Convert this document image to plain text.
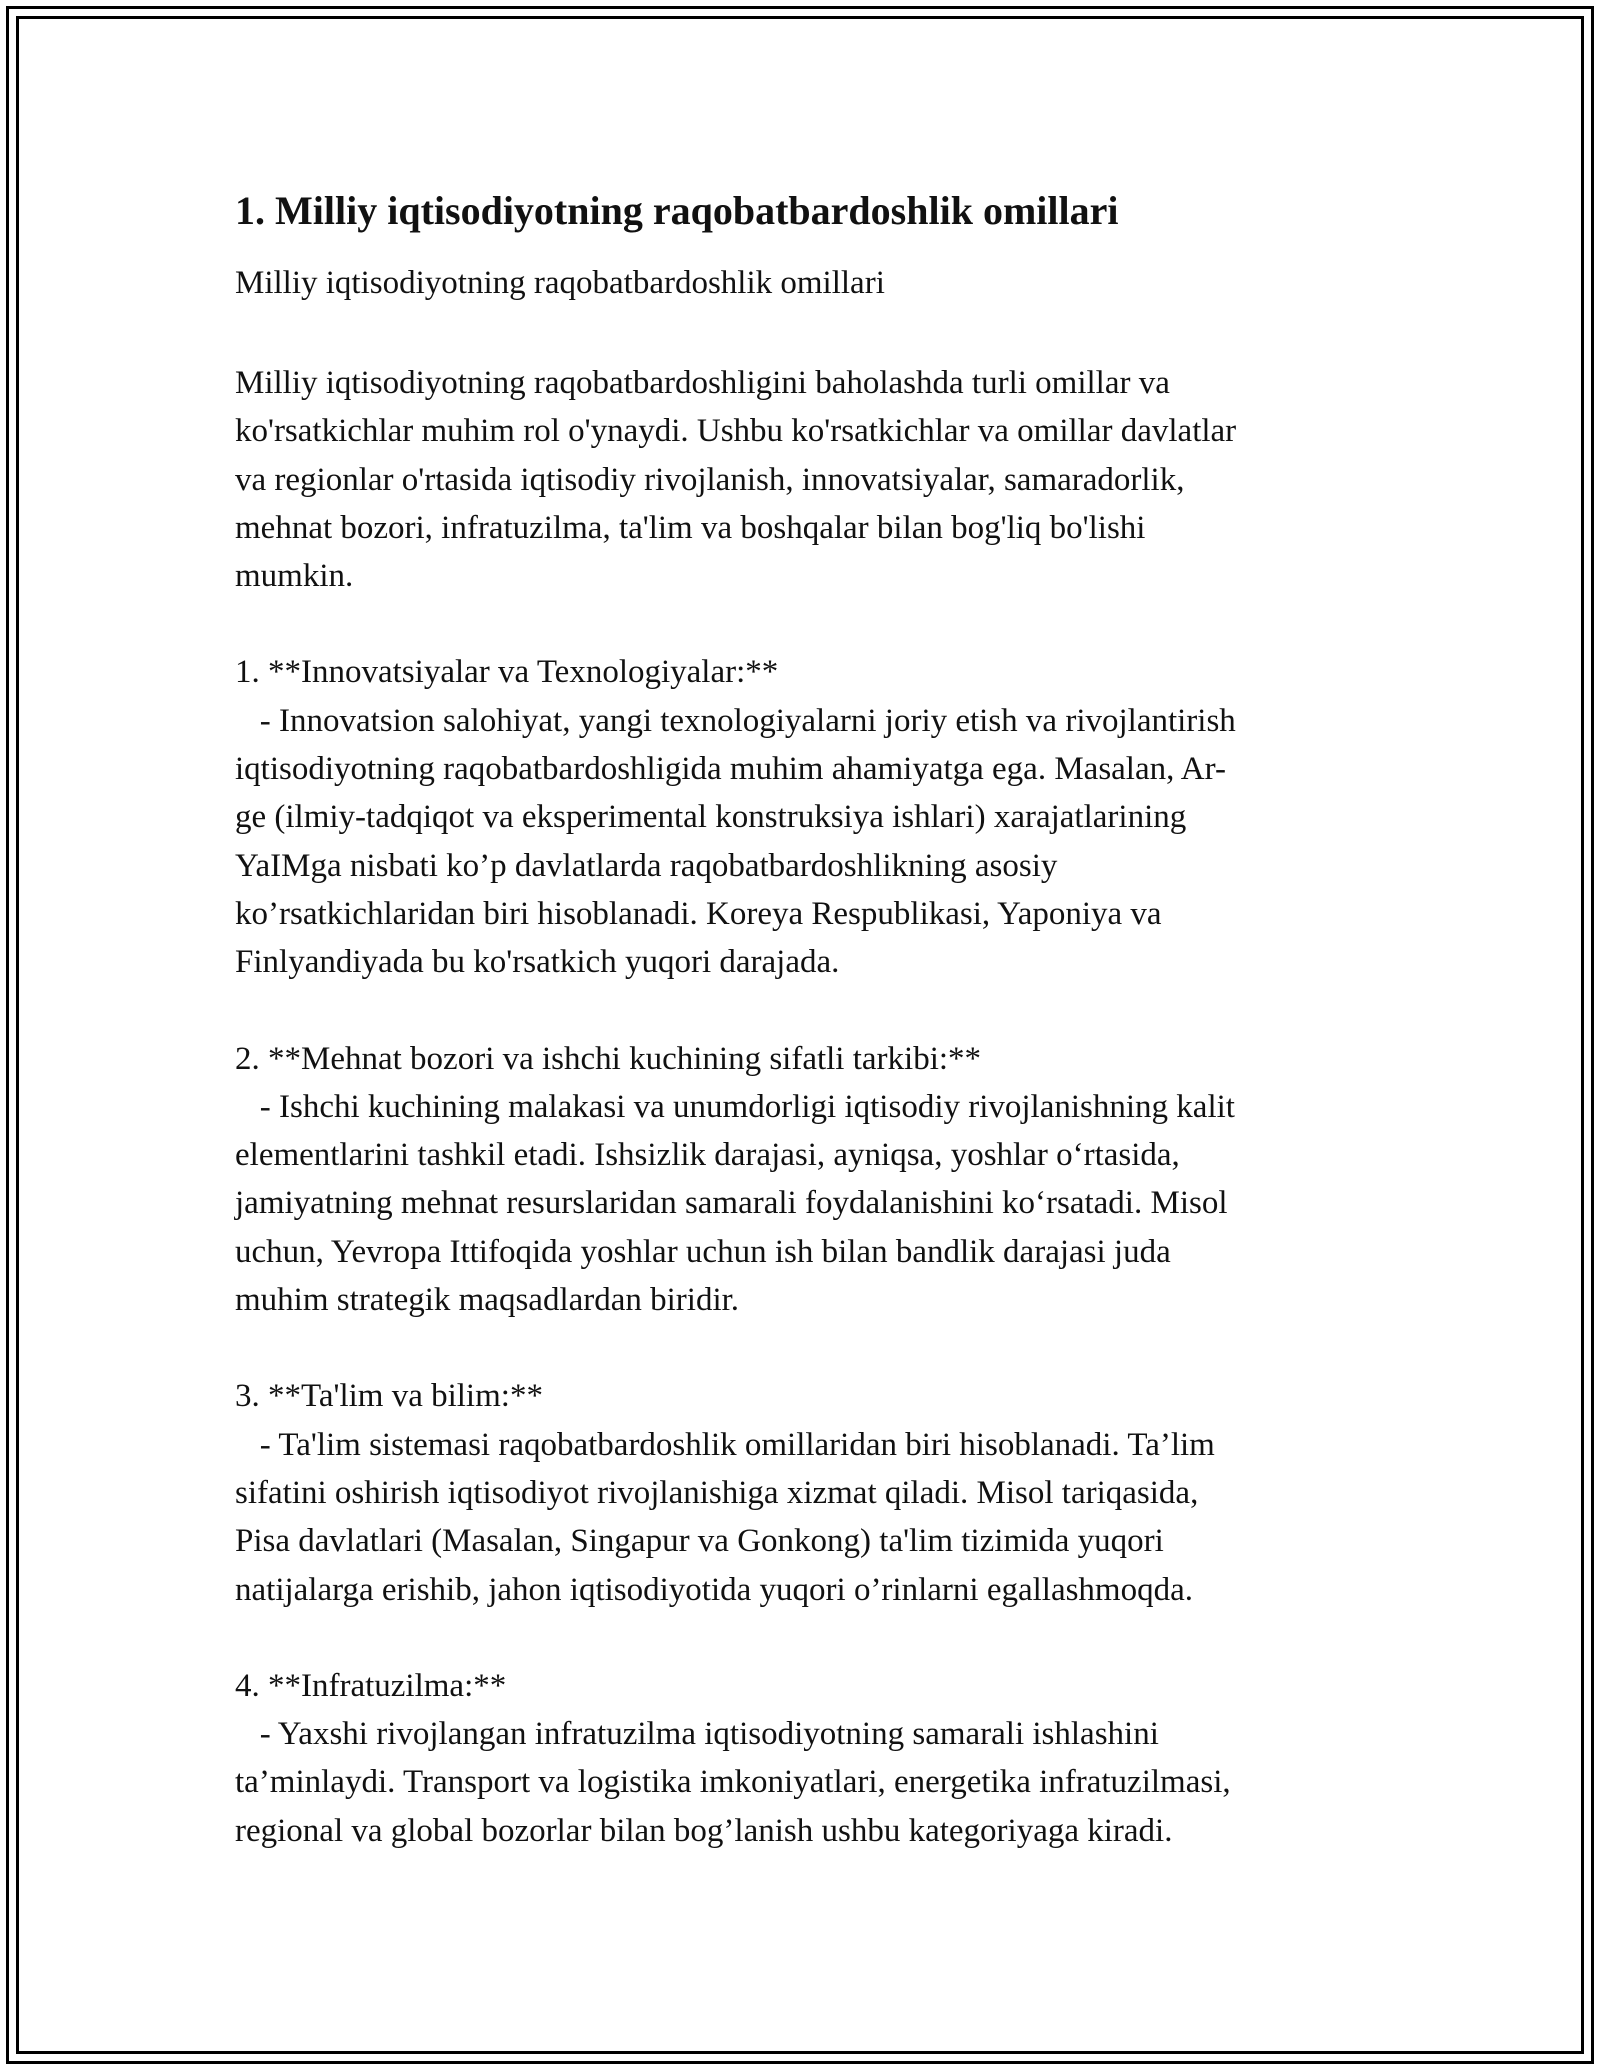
1. Milliy iqtisodiyotning raqobatbardoshlik omillari

Milliy iqtisodiyotning raqobatbardoshlik omillari

Milliy iqtisodiyotning raqobatbardoshligini baholashda turli omillar va
ko'rsatkichlar muhim rol o'ynaydi. Ushbu ko'rsatkichlar va omillar davlatlar
va regionlar o'rtasida iqtisodiy rivojlanish, innovatsiyalar, samaradorlik,
mehnat bozori, infratuzilma, ta'lim va boshqalar bilan bog'liq bo'lishi
mumkin.
1. **Innovatsiyalar va Texnologiyalar:**
- Innovatsion salohiyat, yangi texnologiyalarni joriy etish va rivojlantirish
iqtisodiyotning raqobatbardoshligida muhim ahamiyatga ega. Masalan, Ar-
ge (ilmiy-tadqiqot va eksperimental konstruksiya ishlari) xarajatlarining
YaIMga nisbati ko’p davlatlarda raqobatbardoshlikning asosiy
ko’rsatkichlaridan biri hisoblanadi. Koreya Respublikasi, Yaponiya va
Finlyandiyada bu ko'rsatkich yuqori darajada.
2. **Mehnat bozori va ishchi kuchining sifatli tarkibi:**
- Ishchi kuchining malakasi va unumdorligi iqtisodiy rivojlanishning kalit
elementlarini tashkil etadi. Ishsizlik darajasi, ayniqsa, yoshlar o‘rtasida,
jamiyatning mehnat resurslaridan samarali foydalanishini ko‘rsatadi. Misol
uchun, Yevropa Ittifoqida yoshlar uchun ish bilan bandlik darajasi juda
muhim strategik maqsadlardan biridir.
3. **Ta'lim va bilim:**
- Ta'lim sistemasi raqobatbardoshlik omillaridan biri hisoblanadi. Ta’lim
sifatini oshirish iqtisodiyot rivojlanishiga xizmat qiladi. Misol tariqasida,
Pisa davlatlari (Masalan, Singapur va Gonkong) ta'lim tizimida yuqori
natijalarga erishib, jahon iqtisodiyotida yuqori o’rinlarni egallashmoqda.
4. **Infratuzilma:**
- Yaxshi rivojlangan infratuzilma iqtisodiyotning samarali ishlashini
ta’minlaydi. Transport va logistika imkoniyatlari, energetika infratuzilmasi,
regional va global bozorlar bilan bog’lanish ushbu kategoriyaga kiradi.
